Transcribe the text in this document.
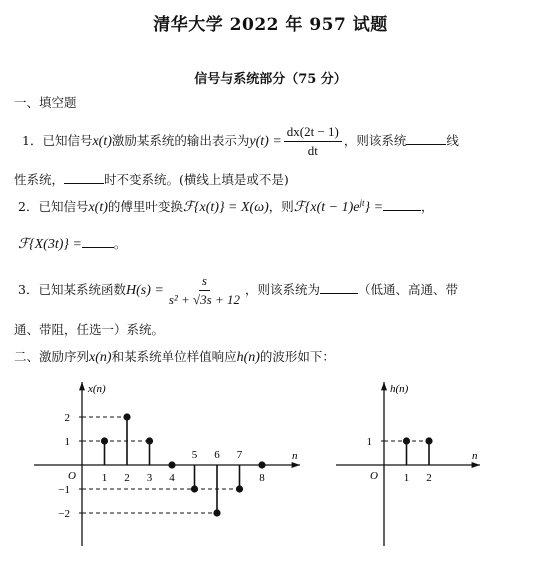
清华大学 2022 年 957 试题
信号与系统部分（75 分）
一、填空题
1．已知信号x(t)激励某系统的输出表示为$y(t) = \frac{dx(2t - 1)}{dt}$ ，则该系统	线
性系统，	时不变系统。(横线上填是或不是)
2．已知信号x(t)的傅里叶变换ℱ{x(t)} = X(ω)，则ℱ{x(t − $1)e^{jt}$} =	，
ℱ{X(3t)} =	。
3．已知某系统函数$H(s) = \frac{s}{\text{s² + √3s + 12}}$ ，则该系统为	（低通、高通、带
通、带阻，任选一）系统。
二、激励序列x(n)和某系统单位样值响应h(n)的波形如下：
x(n)
n
O
2
1
−1
−2
1 2 3 4
5 6 7
8
h(n)
n
O
1
1 2
